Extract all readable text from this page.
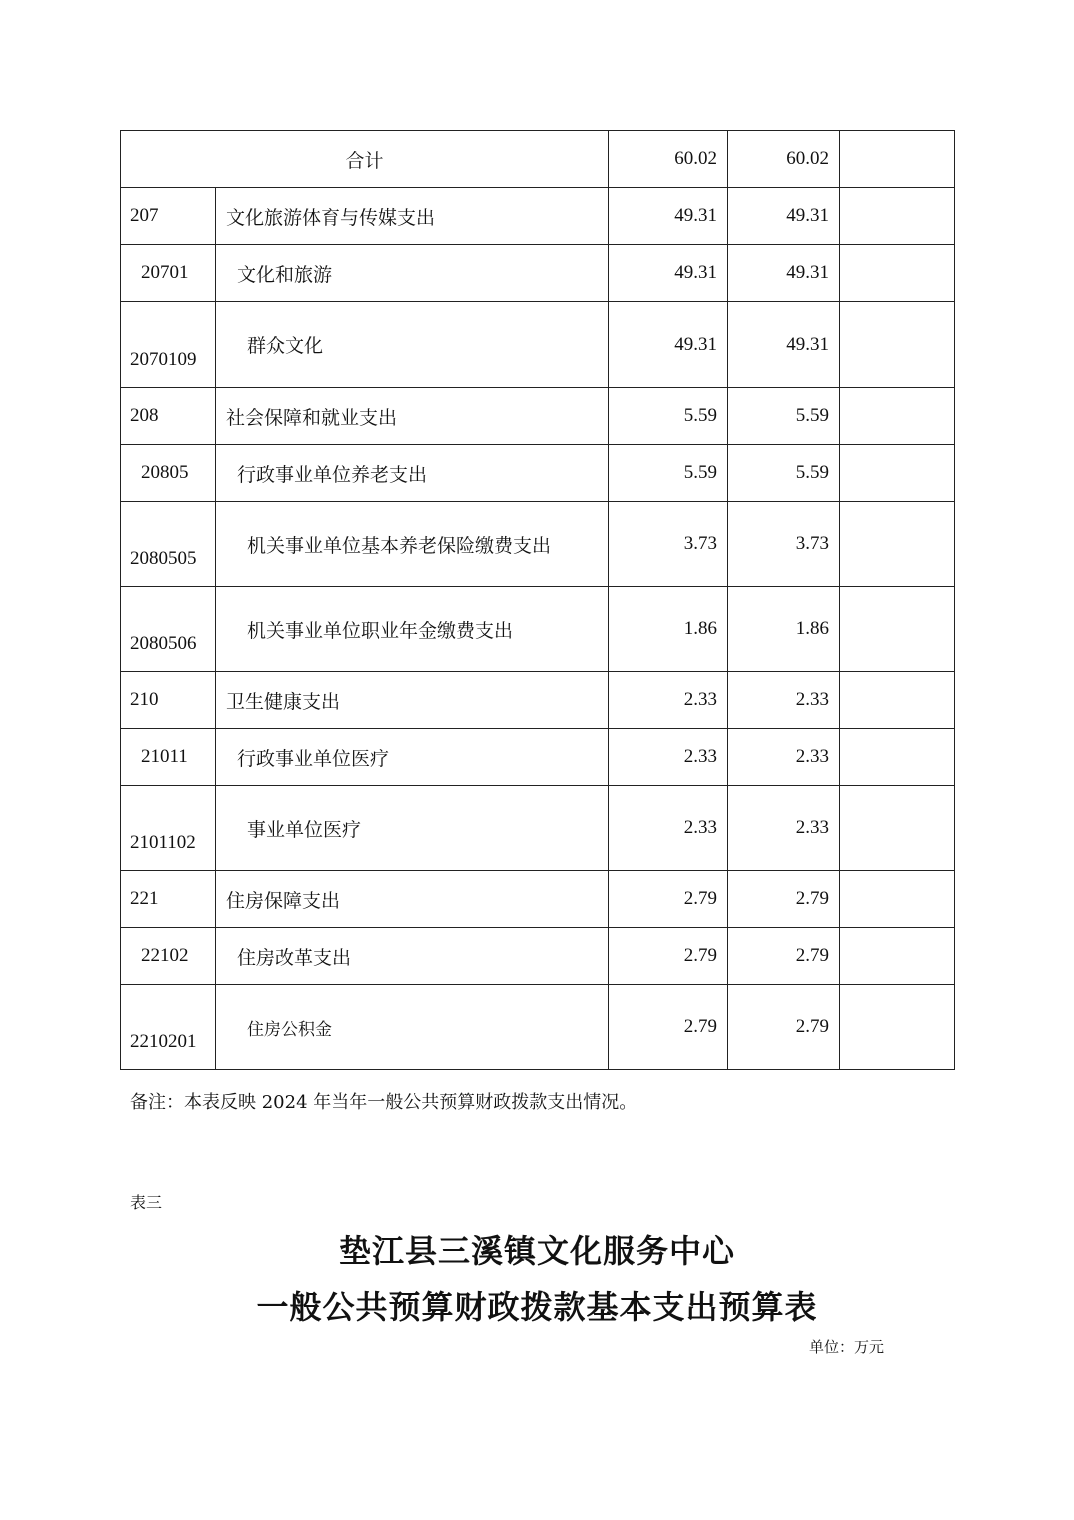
合计		60.02	60.02	
207	文化旅游体育与传媒支出	49.31	49.31	
20701	文化和旅游	49.31	49.31	
2070109	群众文化	49.31	49.31	
208	社会保障和就业支出	5.59	5.59	
20805	行政事业单位养老支出	5.59	5.59	
2080505	机关事业单位基本养老保险缴费支出	3.73	3.73	
2080506	机关事业单位职业年金缴费支出	1.86	1.86	
210	卫生健康支出	2.33	2.33	
21011	行政事业单位医疗	2.33	2.33	
2101102	事业单位医疗	2.33	2.33	
221	住房保障支出	2.79	2.79	
22102	住房改革支出	2.79	2.79	
2210201	住房公积金	2.79	2.79	
备注：本表反映 2024 年当年一般公共预算财政拨款支出情况。
表三
垫江县三溪镇文化服务中心
一般公共预算财政拨款基本支出预算表
单位：万元
